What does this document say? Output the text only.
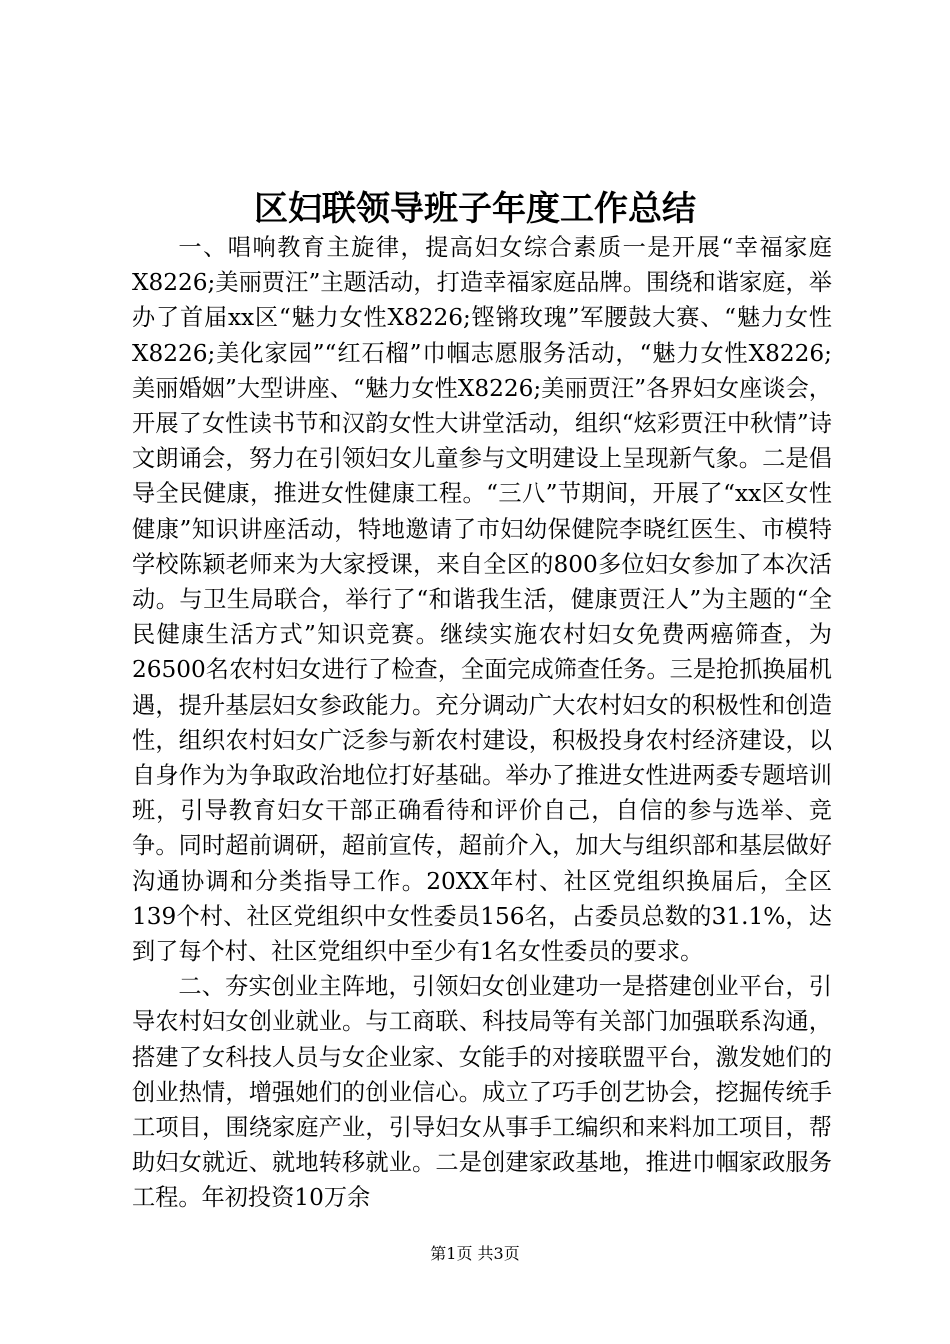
区妇联领导班子年度工作总结

一、唱响教育主旋律，提高妇女综合素质一是开展“幸福家庭X8226;美丽贾汪”主题活动，打造幸福家庭品牌。围绕和谐家庭，举办了首届xx区“魅力女性X8226;铿锵玫瑰”军腰鼓大赛、“魅力女性X8226;美化家园”“红石榴”巾帼志愿服务活动，“魅力女性X8226;美丽婚姻”大型讲座、“魅力女性X8226;美丽贾汪”各界妇女座谈会，开展了女性读书节和汉韵女性大讲堂活动，组织“炫彩贾汪中秋情”诗文朗诵会，努力在引领妇女儿童参与文明建设上呈现新气象。二是倡导全民健康，推进女性健康工程。“三八”节期间，开展了“xx区女性健康”知识讲座活动，特地邀请了市妇幼保健院李晓红医生、市模特学校陈颖老师来为大家授课，来自全区的800多位妇女参加了本次活动。与卫生局联合，举行了“和谐我生活，健康贾汪人”为主题的“全民健康生活方式”知识竞赛。继续实施农村妇女免费两癌筛查，为26500名农村妇女进行了检查，全面完成筛查任务。三是抢抓换届机遇，提升基层妇女参政能力。充分调动广大农村妇女的积极性和创造性，组织农村妇女广泛参与新农村建设，积极投身农村经济建设，以自身作为为争取政治地位打好基础。举办了推进女性进两委专题培训班，引导教育妇女干部正确看待和评价自己，自信的参与选举、竞争。同时超前调研，超前宣传，超前介入，加大与组织部和基层做好沟通协调和分类指导工作。20XX年村、社区党组织换届后，全区139个村、社区党组织中女性委员156名，占委员总数的31.1%，达到了每个村、社区党组织中至少有1名女性委员的要求。

二、夯实创业主阵地，引领妇女创业建功一是搭建创业平台，引导农村妇女创业就业。与工商联、科技局等有关部门加强联系沟通，搭建了女科技人员与女企业家、女能手的对接联盟平台，激发她们的创业热情，增强她们的创业信心。成立了巧手创艺协会，挖掘传统手工项目，围绕家庭产业，引导妇女从事手工编织和来料加工项目，帮助妇女就近、就地转移就业。二是创建家政基地，推进巾帼家政服务工程。年初投资10万余

第1页 共3页
